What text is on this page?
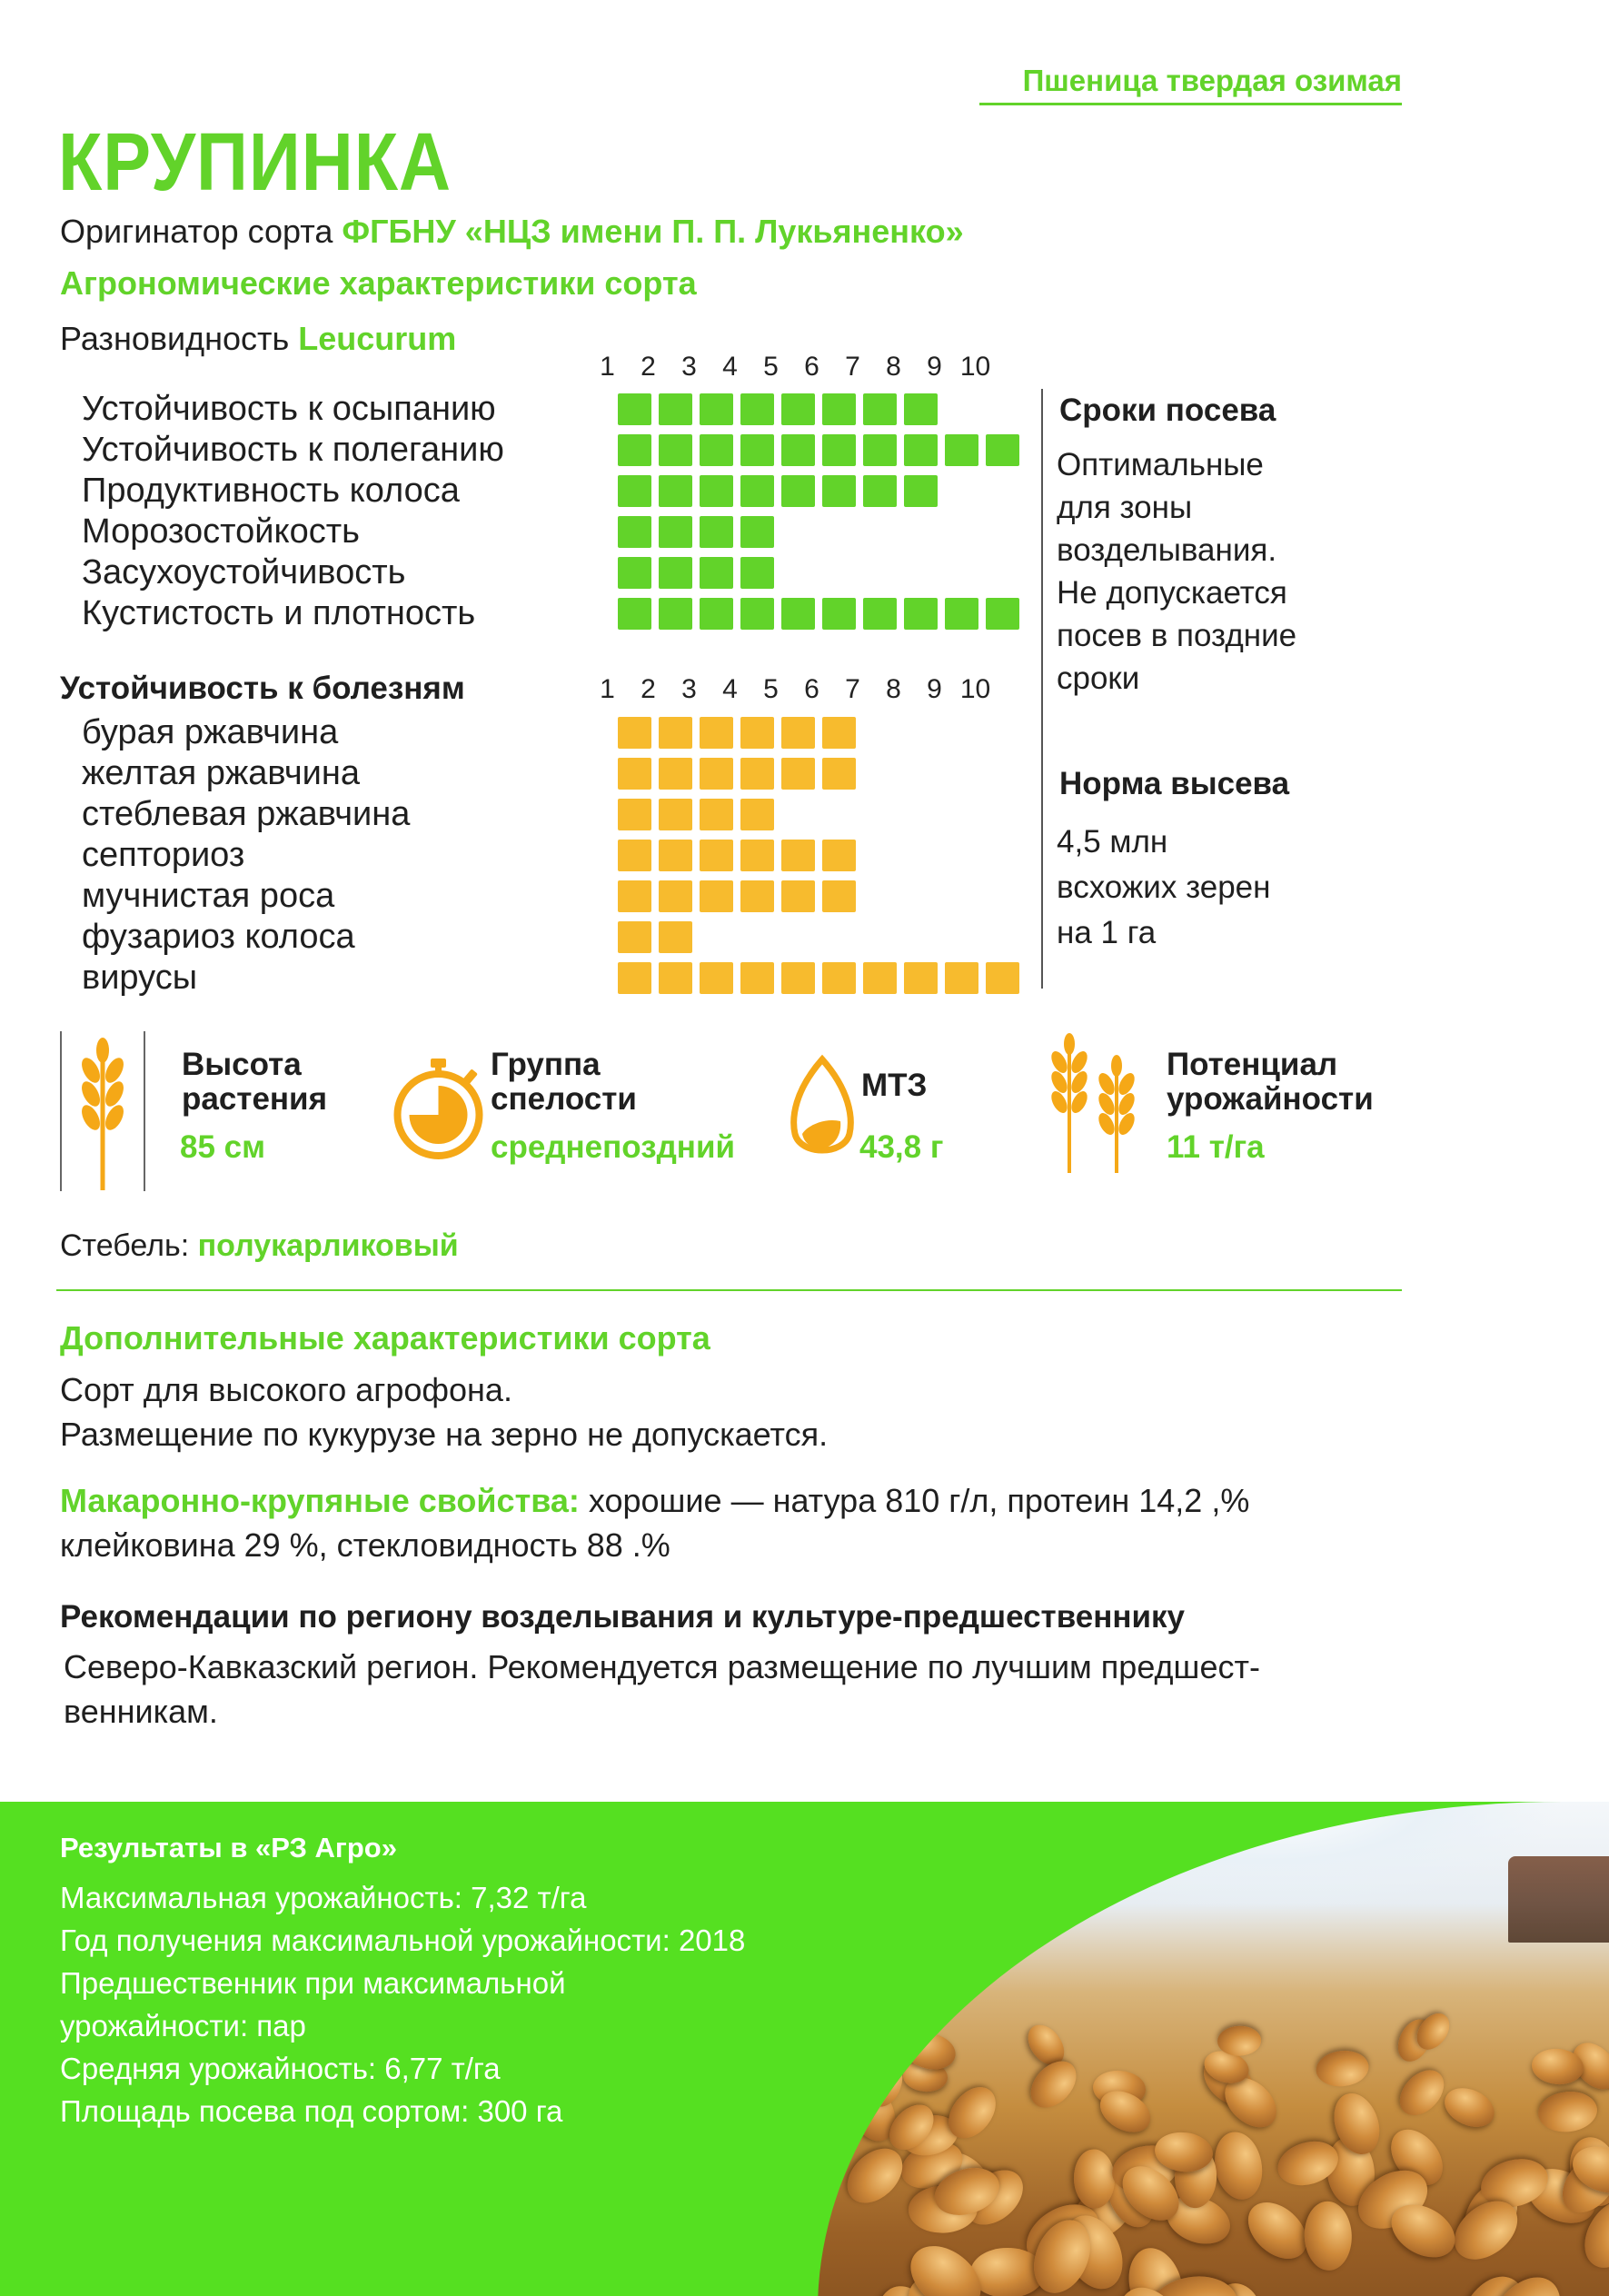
Пшеница твердая озимая
КРУПИНКА
Оригинатор сорта ФГБНУ «НЦЗ имени П. П. Лукьяненко»
Агрономические характеристики сорта
Разновидность Leucurum
1 2 3 4 5 6 7 8 9 10
Устойчивость к осыпанию
Устойчивость к полеганию
Продуктивность колоса
Морозостойкость
Засухоустойчивость
Кустистость и плотность
Устойчивость к болезням	1 2 3 4 5 6 7 8 9 10
бурая ржавчина
желтая ржавчина
стеблевая ржавчина
септориоз
мучнистая роса
фузариоз колоса
вирусы
Сроки посева
Оптимальные
для зоны
возделывания.
Не допускается
посев в поздние
сроки
Норма высева
4,5 млн
всхожих зерен
на 1 га
Высота
растения
85 см
Группа
спелости
среднепоздний
МТЗ
43,8 г
Потенциал
урожайности
11 т/га
Стебель: полукарликовый
Дополнительные характеристики сорта
Сорт для высокого агрофона.
Размещение по кукурузе на зерно не допускается.
Макаронно-крупяные свойства: хорошие — натура 810 г/л, протеин 14,2 ,%
клейковина 29 %, стекловидность 88 .%
Рекомендации по региону возделывания и культуре-предшественнику
Северо-Кавказский регион. Рекомендуется размещение по лучшим предшест-
венникам.
Результаты в «РЗ Агро»
Максимальная урожайность: 7,32 т/га
Год получения максимальной урожайности: 2018
Предшественник при максимальной
урожайности: пар
Средняя урожайность: 6,77 т/га
Площадь посева под сортом: 300 га
